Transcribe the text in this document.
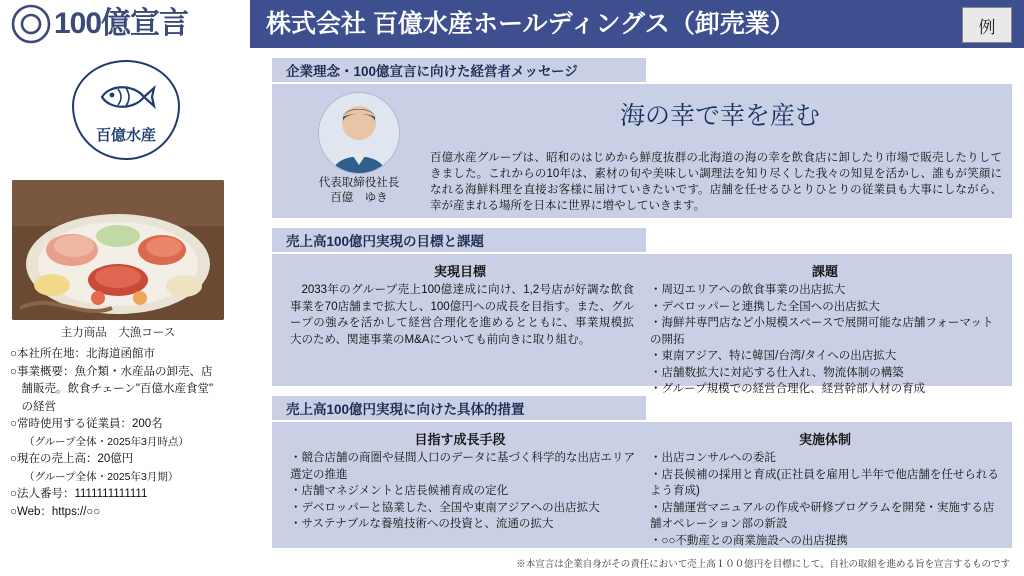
100億宣言	株式会社 百億水産ホールディングス（卸売業）	例
百億水産
主力商品　大漁コース
○本社所在地：北海道函館市
○事業概要：魚介類・水産品の卸売、店
　舗販売。飲食チェーン"百億水産食堂"
　の経営
○常時使用する従業員：200名
（グループ全体・2025年3月時点）
○現在の売上高：20億円
（グループ全体・2025年3月期）
○法人番号：1111111111111
○Web：https://○○
企業理念・100億宣言に向けた経営者メッセージ
代表取締役社長
百億　ゆき
海の幸で幸を産む
百億水産グループは、昭和のはじめから鮮度抜群の北海道の海の幸を飲食店に卸したり市場で販売したりしてきました。これからの10年は、素材の旬や美味しい調理法を知り尽くした我々の知見を活かし、誰もが笑顔になれる海鮮料理を直接お客様に届けていきたいです。店舗を任せるひとりひとりの従業員も大事にしながら、幸が産まれる場所を日本に世界に増やしていきます。
売上高100億円実現の目標と課題
実現目標
2033年のグループ売上100億達成に向け、1,2号店が好調な飲食事業を70店舗まで拡大し、100億円への成長を目指す。また、グループの強みを活かして経営合理化を進めるとともに、事業規模拡大のため、関連事業のM&Aについても前向きに取り組む。
課題
・周辺エリアへの飲食事業の出店拡大
・デベロッパーと連携した全国への出店拡大
・海鮮丼専門店など小規模スペースで展開可能な店舗フォーマットの開拓
・東南アジア、特に韓国/台湾/タイへの出店拡大
・店舗数拡大に対応する仕入れ、物流体制の構築
・グループ規模での経営合理化、経営幹部人材の育成
売上高100億円実現に向けた具体的措置
目指す成長手段
・競合店舗の商圏や昼間人口のデータに基づく科学的な出店エリア選定の推進
・店舗マネジメントと店長候補育成の定化
・デベロッパーと協業した、全国や東南アジアへの出店拡大
・サステナブルな養殖技術への投資と、流通の拡大
実施体制
・出店コンサルへの委託
・店長候補の採用と育成(正社員を雇用し半年で他店舗を任せられるよう育成)
・店舗運営マニュアルの作成や研修プログラムを開発・実施する店舗オペレーション部の新設
・○○不動産との商業施設への出店提携
※本宣言は企業自身がその責任において売上高１００億円を目標にして、自社の取組を進める旨を宣言するものです
